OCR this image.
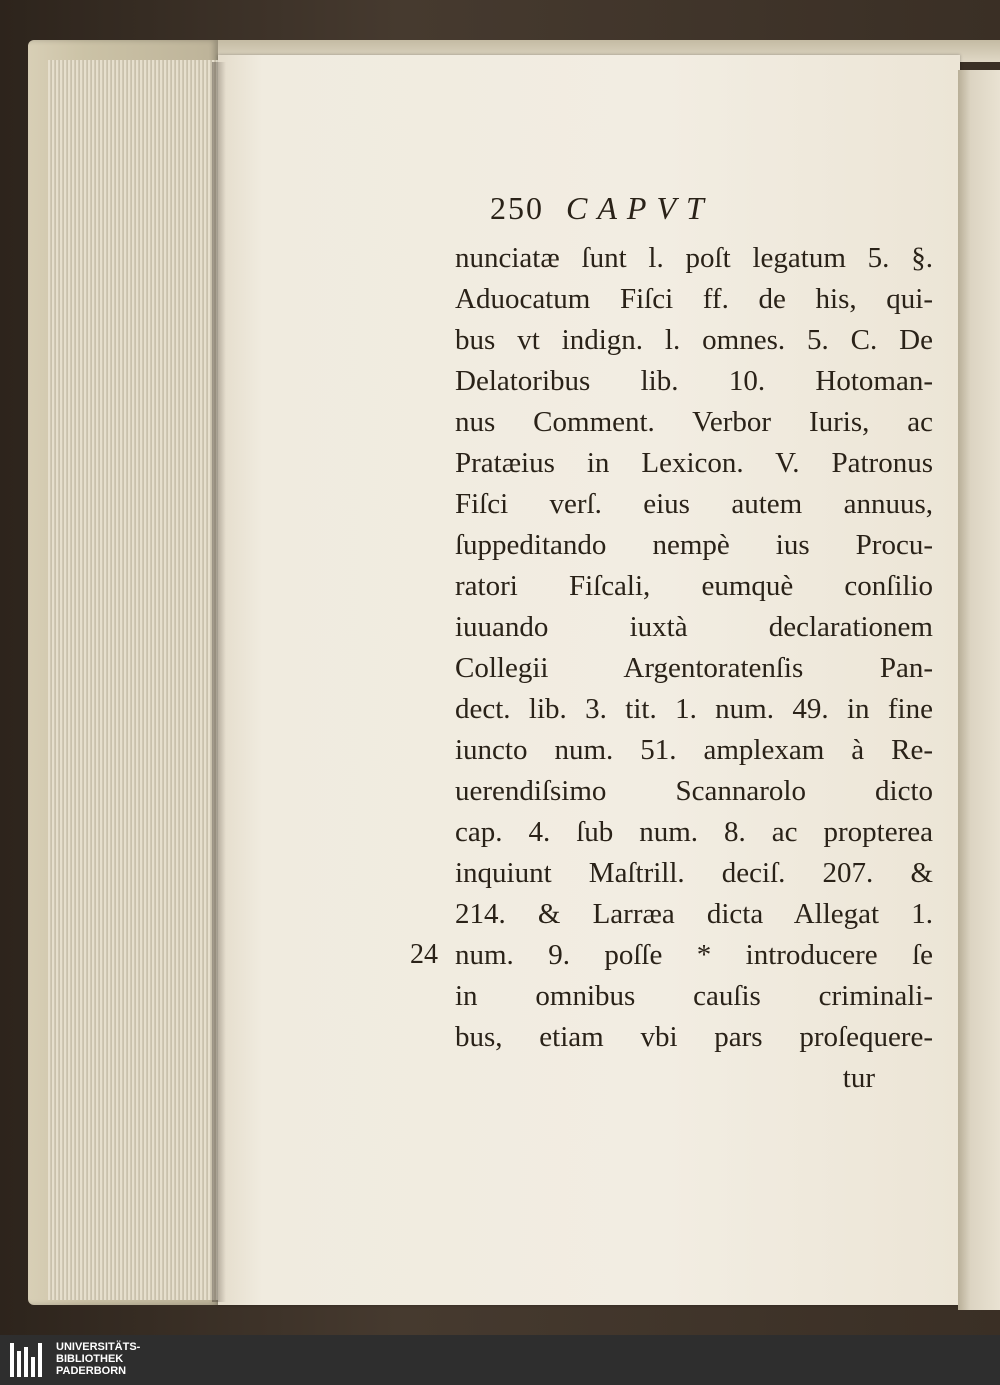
250 CAPVT
nunciatæ ſunt l. poſt legatum 5. §.
Aduocatum Fiſci ff. de his, qui-
bus vt indign. l. omnes. 5. C. De
Delatoribus lib. 10. Hotoman-
nus Comment. Verbor Iuris, ac
Pratæius in Lexicon. V. Patronus
Fiſci verſ. eius autem annuus,
ſuppeditando nempè ius Procu-
ratori Fiſcali, eumquè conſilio
iuuando iuxtà declarationem
Collegii Argentoratenſis Pan-
dect. lib. 3. tit. 1. num. 49. in fine
iuncto num. 51. amplexam à Re-
uerendiſsimo Scannarolo dicto
cap. 4. ſub num. 8. ac propterea
inquiunt Maſtrill. deciſ. 207. &
214. & Larræa dicta Allegat 1.
24 num. 9. poſſe * introducere ſe
in omnibus cauſis criminali-
bus, etiam vbi pars proſequere-
tur
UNIVERSITÄTS-
BIBLIOTHEK
PADERBORN
